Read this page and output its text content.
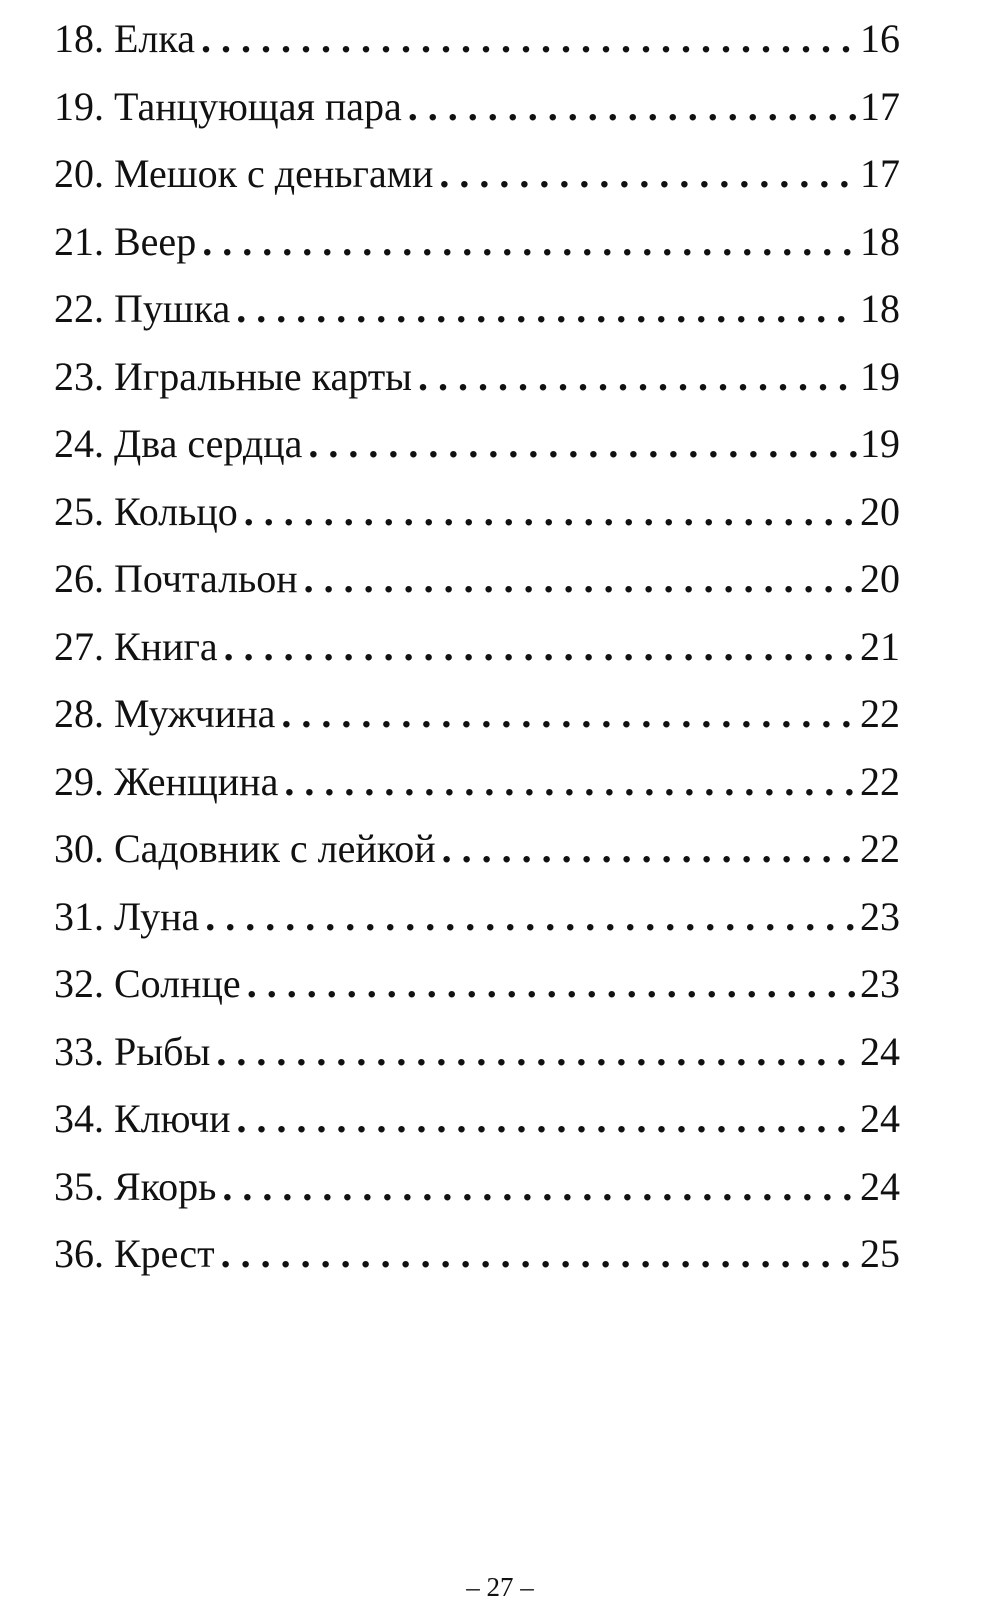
18. Елка . . .	16
19. Танцующая пара . . .	17
20. Мешок с деньгами . . .	17
21. Веер . . .	18
22. Пушка . . .	18
23. Игральные карты . . .	19
24. Два сердца . . .	19
25. Кольцо . . .	20
26. Почтальон . . .	20
27. Книга . . .	21
28. Мужчина . . .	22
29. Женщина . . .	22
30. Садовник с лейкой . . .	22
31. Луна . . .	23
32. Солнце . . .	23
33. Рыбы . . .	24
34. Ключи . . .	24
35. Якорь . . .	24
36. Крест . . .	25
– 27 –
